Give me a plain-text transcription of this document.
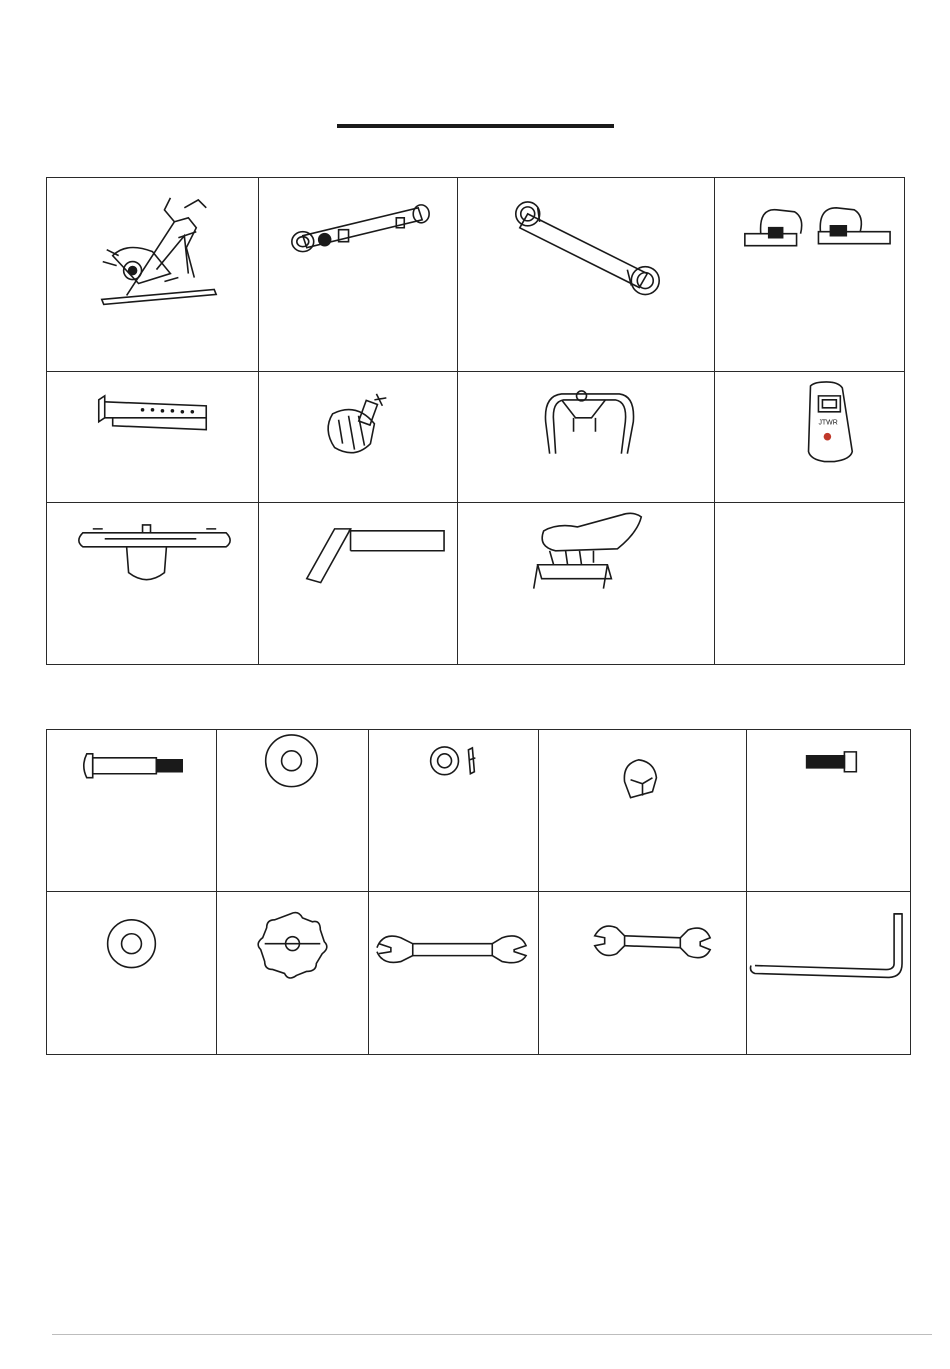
JTWR
